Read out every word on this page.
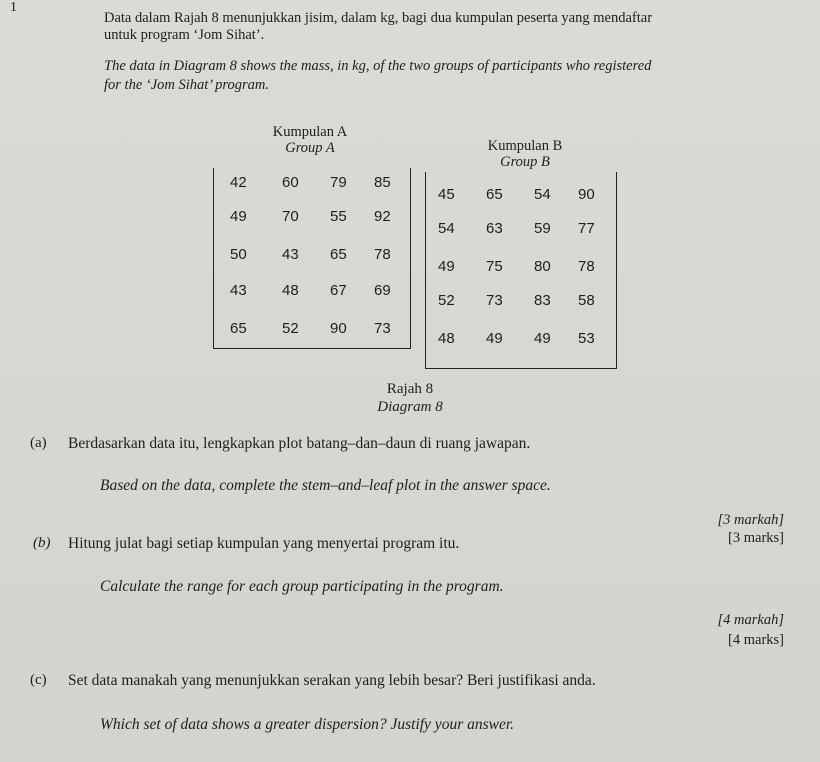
1
Data dalam Rajah 8 menunjukkan jisim, dalam kg, bagi dua kumpulan peserta yang mendaftar
untuk program ‘Jom Sihat’.
The data in Diagram 8 shows the mass, in kg, of the two groups of participants who registered
for the ‘Jom Sihat’ program.
Kumpulan A
Group A
42 60 79 85
49 70 55 92
50 43 65 78
43 48 67 69
65 52 90 73
Kumpulan B
Group B
45 65 54 90
54 63 59 77
49 75 80 78
52 73 83 58
48 49 49 53
Rajah 8
Diagram 8
(a) Berdasarkan data itu, lengkapkan plot batang–dan–daun di ruang jawapan.
Based on the data, complete the stem–and–leaf plot in the answer space.
[3 markah]
[3 marks]
(b) Hitung julat bagi setiap kumpulan yang menyertai program itu.
Calculate the range for each group participating in the program.
[4 markah]
[4 marks]
(c) Set data manakah yang menunjukkan serakan yang lebih besar? Beri justifikasi anda.
Which set of data shows a greater dispersion? Justify your answer.
